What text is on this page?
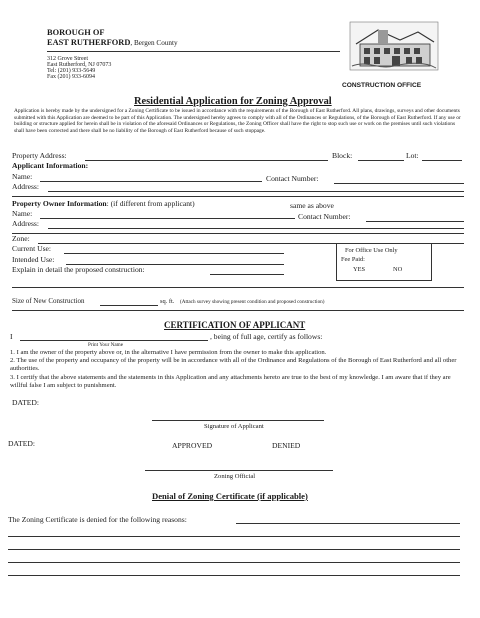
BOROUGH OF
EAST RUTHERFORD, Bergen County
312 Grove Street
East Rutherford, NJ 07073
Tel: (201) 933-5649
Fax (201) 933-6094
CONSTRUCTION OFFICE
Residential Application for Zoning Approval
Application is hereby made by the undersigned for a Zoning Certificate to be issued in accordance with the requirements of the Borough of East Rutherford. All plans, drawings, surveys and other documents submitted with this Application are deemed to be part of this Application. The undersigned hereby agrees to comply with all of the Ordinances or Regulations, of the Borough of East Rutherford. If any use or building or structure applied for herein shall be in violation of the aforesaid Ordinances or Regulations, the Zoning Officer shall have the right to stop such use or work on the premises until such violations shall have been corrected and there shall be no liability of the Borough of East Rutherford because of such stoppage.
Property Address:	Block:	Lot:
Applicant Information:
Name:	Contact Number:
Address:
Property Owner Information: (if different from applicant)	same as above
Name:	Contact Number:
Address:
Zone:
Current Use:
Intended Use:
Explain in detail the proposed construction:
For Office Use Only
Fee Paid:
YES	NO
Size of New Construction	sq. ft. (Attach survey showing present condition and proposed construction)
CERTIFICATION OF APPLICANT
I	, being of full age, certify as follows:
Print Your Name
1. I am the owner of the property above or, in the alternative I have permission from the owner to make this application.
2. The use of the property and occupancy of the property will be in accordance with all of the Ordinance and Regulations of the Borough of East Rutherford and all other authorities.
3. I certify that the above statements and the statements in this Application and any attachments hereto are true to the best of my knowledge. I am aware that if they are willful false I am subject to punishment.
DATED:
Signature of Applicant
DATED:	APPROVED	DENIED
Zoning Official
Denial of Zoning Certificate (if applicable)
The Zoning Certificate is denied for the following reasons:
